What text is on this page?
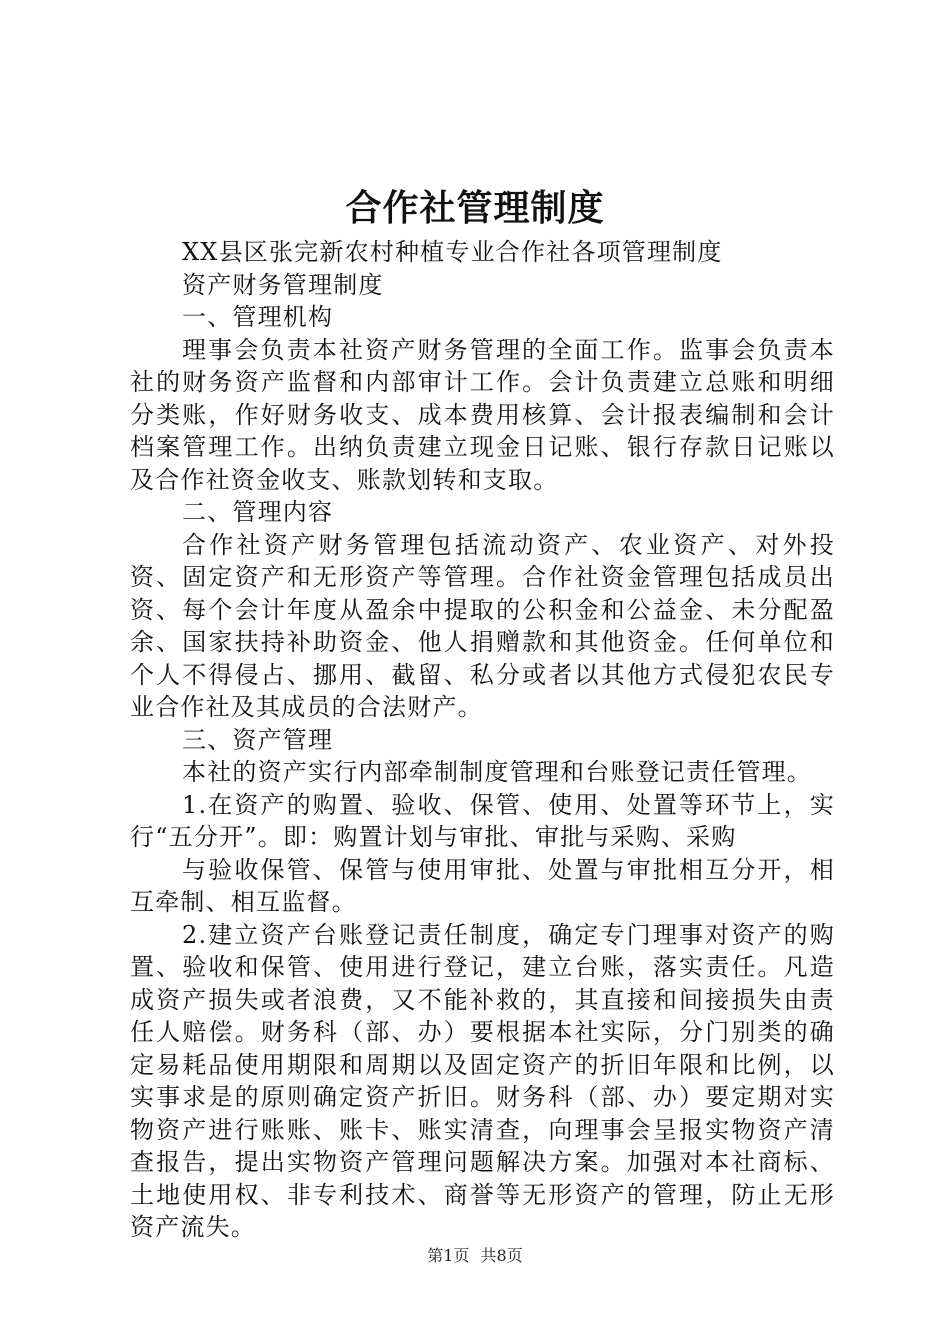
合作社管理制度

XX县区张完新农村种植专业合作社各项管理制度

资产财务管理制度

一、管理机构

理事会负责本社资产财务管理的全面工作。监事会负责本社的财务资产监督和内部审计工作。会计负责建立总账和明细分类账，作好财务收支、成本费用核算、会计报表编制和会计档案管理工作。出纳负责建立现金日记账、银行存款日记账以及合作社资金收支、账款划转和支取。

二、管理内容

合作社资产财务管理包括流动资产、农业资产、对外投资、固定资产和无形资产等管理。合作社资金管理包括成员出资、每个会计年度从盈余中提取的公积金和公益金、未分配盈余、国家扶持补助资金、他人捐赠款和其他资金。任何单位和个人不得侵占、挪用、截留、私分或者以其他方式侵犯农民专业合作社及其成员的合法财产。

三、资产管理

本社的资产实行内部牵制制度管理和台账登记责任管理。

1.在资产的购置、验收、保管、使用、处置等环节上，实行“五分开”。即：购置计划与审批、审批与采购、采购

与验收保管、保管与使用审批、处置与审批相互分开，相互牵制、相互监督。

2.建立资产台账登记责任制度，确定专门理事对资产的购置、验收和保管、使用进行登记，建立台账，落实责任。凡造成资产损失或者浪费，又不能补救的，其直接和间接损失由责任人赔偿。财务科（部、办）要根据本社实际，分门别类的确定易耗品使用期限和周期以及固定资产的折旧年限和比例，以实事求是的原则确定资产折旧。财务科（部、办）要定期对实物资产进行账账、账卡、账实清查，向理事会呈报实物资产清查报告，提出实物资产管理问题解决方案。加强对本社商标、土地使用权、非专利技术、商誉等无形资产的管理，防止无形资产流失。

第1页 共8页
